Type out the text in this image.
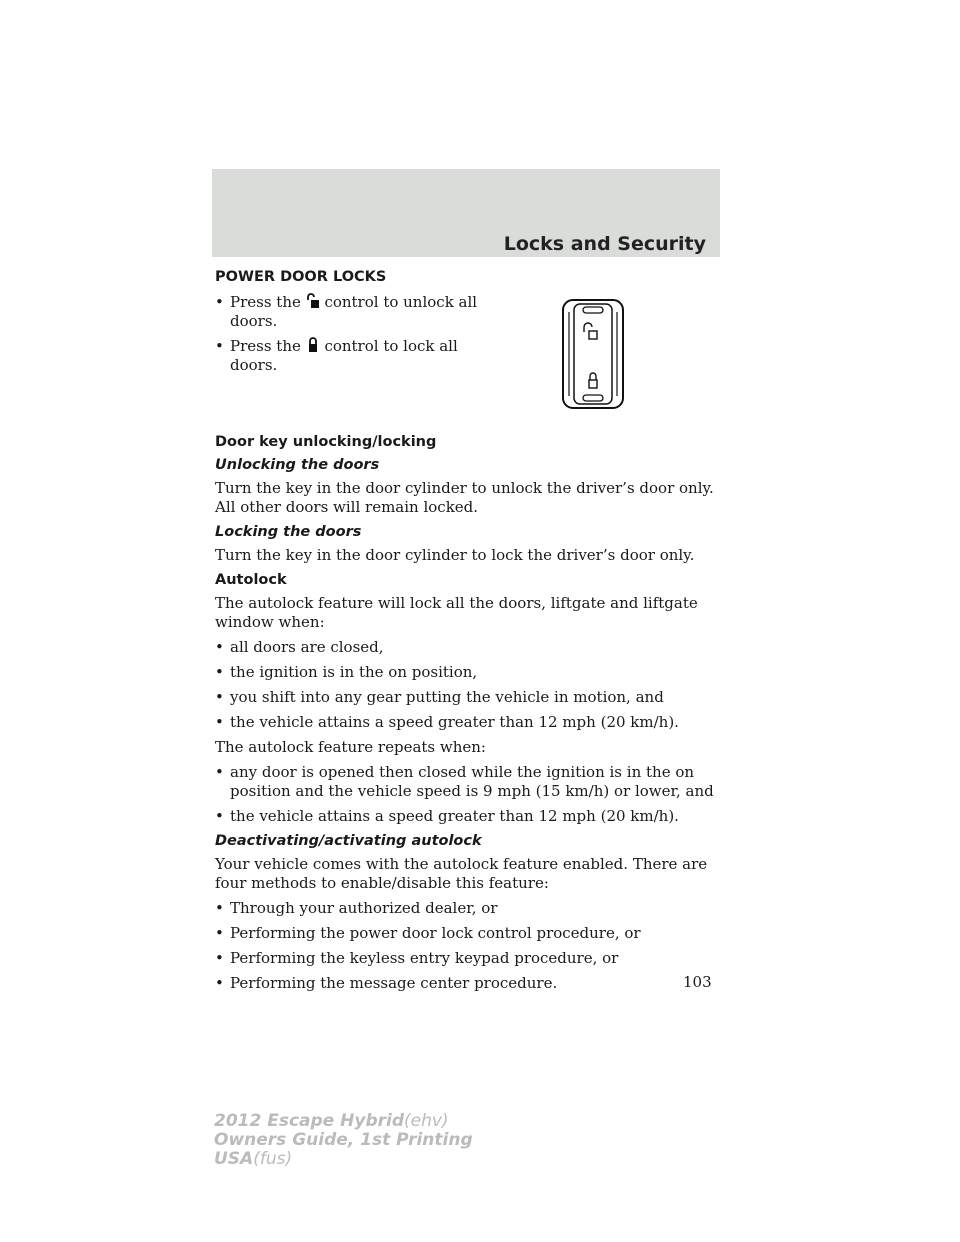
Locks and Security
POWER DOOR LOCKS
• Press the control to unlock all doors.
• Press the control to lock all doors.
Door key unlocking/locking
Unlocking the doors

Turn the key in the door cylinder to unlock the driver’s door only. All other doors will remain locked.

Locking the doors

Turn the key in the door cylinder to lock the driver’s door only.

Autolock

The autolock feature will lock all the doors, liftgate and liftgate window when:

• all doors are closed,
• the ignition is in the on position,
• you shift into any gear putting the vehicle in motion, and
• the vehicle attains a speed greater than 12 mph (20 km/h).

The autolock feature repeats when:

• any door is opened then closed while the ignition is in the on position and the vehicle speed is 9 mph (15 km/h) or lower, and
• the vehicle attains a speed greater than 12 mph (20 km/h).
Deactivating/activating autolock

Your vehicle comes with the autolock feature enabled. There are four methods to enable/disable this feature:

• Through your authorized dealer, or
• Performing the power door lock control procedure, or
• Performing the keyless entry keypad procedure, or
• Performing the message center procedure.	103
2012 Escape Hybrid(ehv)
Owners Guide, 1st Printing
USA(fus)
